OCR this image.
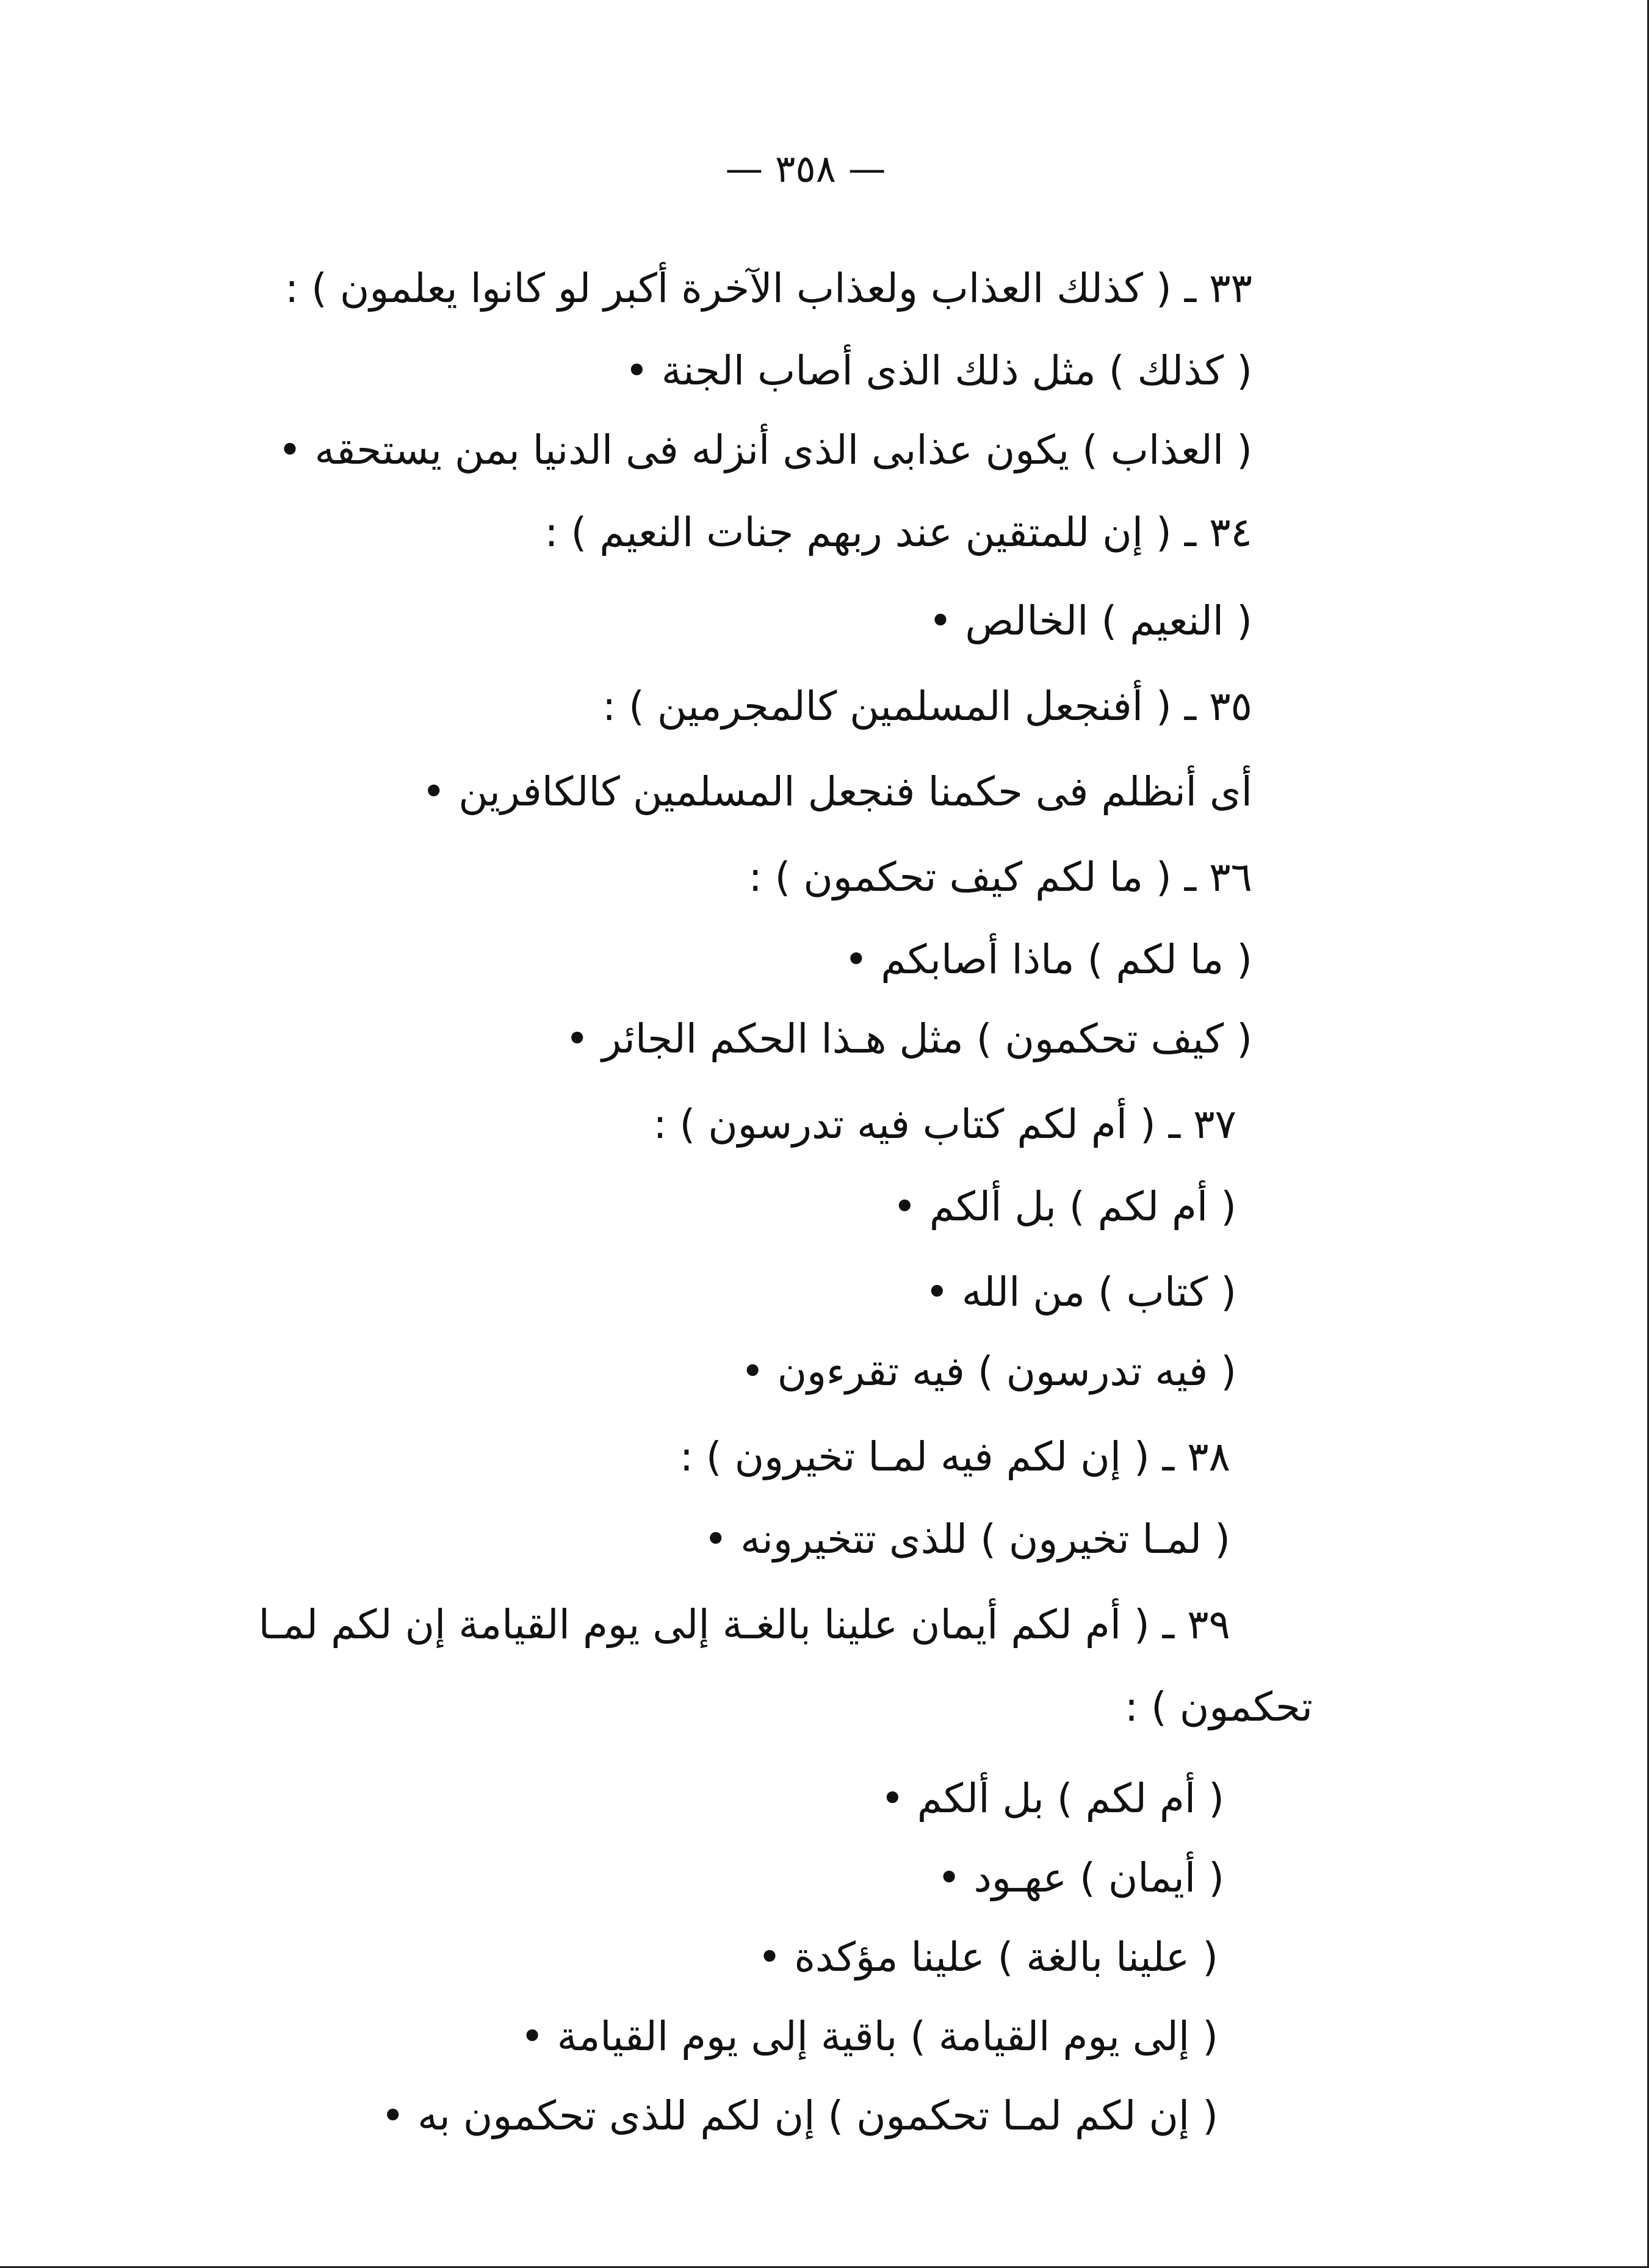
— ٣٥٨ —
٣٣ ـ ( كذلك العذاب ولعذاب الآخرة أكبر لو كانوا يعلمون ) :
( كذلك ) مثل ذلك الذى أصاب الجنة •
( العذاب ) يكون عذابى الذى أنزله فى الدنيا بمن يستحقه •
٣٤ ـ ( إن للمتقين عند ربهم جنات النعيم ) :
( النعيم ) الخالص •
٣٥ ـ ( أفنجعل المسلمين كالمجرمين ) :
أى أنظلم فى حكمنا فنجعل المسلمين كالكافرين •
٣٦ ـ ( ما لكم كيف تحكمون ) :
( ما لكم ) ماذا أصابكم •
( كيف تحكمون ) مثل هـذا الحكم الجائر •
٣٧ ـ ( أم لكم كتاب فيه تدرسون ) :
( أم لكم ) بل ألكم •
( كتاب ) من الله •
( فيه تدرسون ) فيه تقرءون •
٣٨ ـ ( إن لكم فيه لمـا تخيرون ) :
( لمـا تخيرون ) للذى تتخيرونه •
٣٩ ـ ( أم لكم أيمان علينا بالغـة إلى يوم القيامة إن لكم لمـا
تحكمون ) :
( أم لكم ) بل ألكم •
( أيمان ) عهـود •
( علينا بالغة ) علينا مؤكدة •
( إلى يوم القيامة ) باقية إلى يوم القيامة •
( إن لكم لمـا تحكمون ) إن لكم للذى تحكمون به •
